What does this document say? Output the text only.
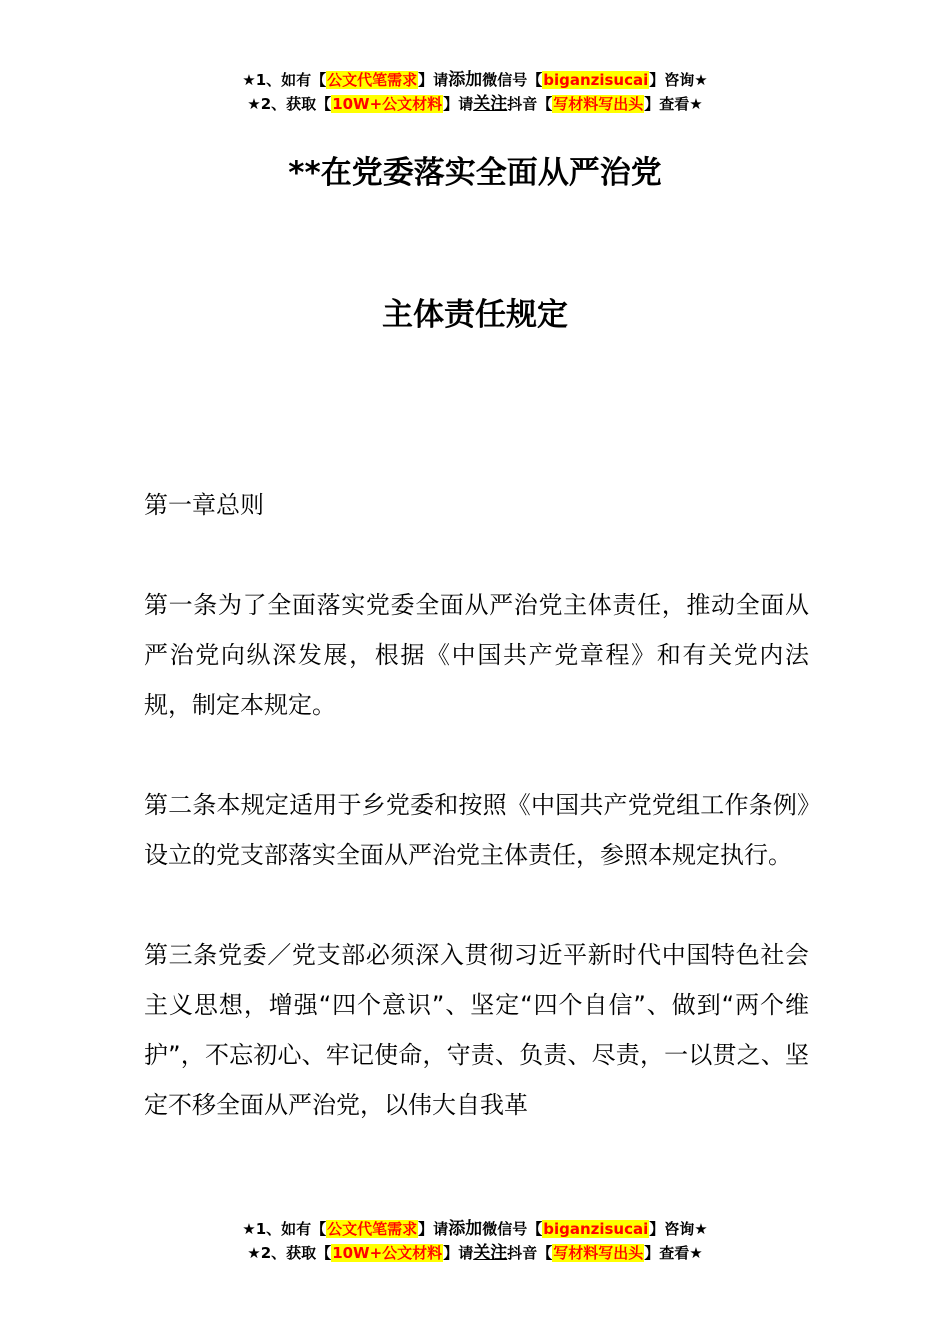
★1、如有【公文代笔需求】请添加微信号【biganzisucai】咨询★
★2、获取【10W+公文材料】请关注抖音【写材料写出头】查看★
**在党委落实全面从严治党
主体责任规定

第一章总则

第一条为了全面落实党委全面从严治党主体责任，推动全面从严治党向纵深发展，根据《中国共产党章程》和有关党内法规，制定本规定。

第二条本规定适用于乡党委和按照《中国共产党党组工作条例》设立的党支部落实全面从严治党主体责任，参照本规定执行。

第三条党委／党支部必须深入贯彻习近平新时代中国特色社会主义思想，增强“四个意识”、坚定“四个自信”、做到“两个维护”，不忘初心、牢记使命，守责、负责、尽责，一以贯之、坚定不移全面从严治党，以伟大自我革

★1、如有【公文代笔需求】请添加微信号【biganzisucai】咨询★
★2、获取【10W+公文材料】请关注抖音【写材料写出头】查看★
